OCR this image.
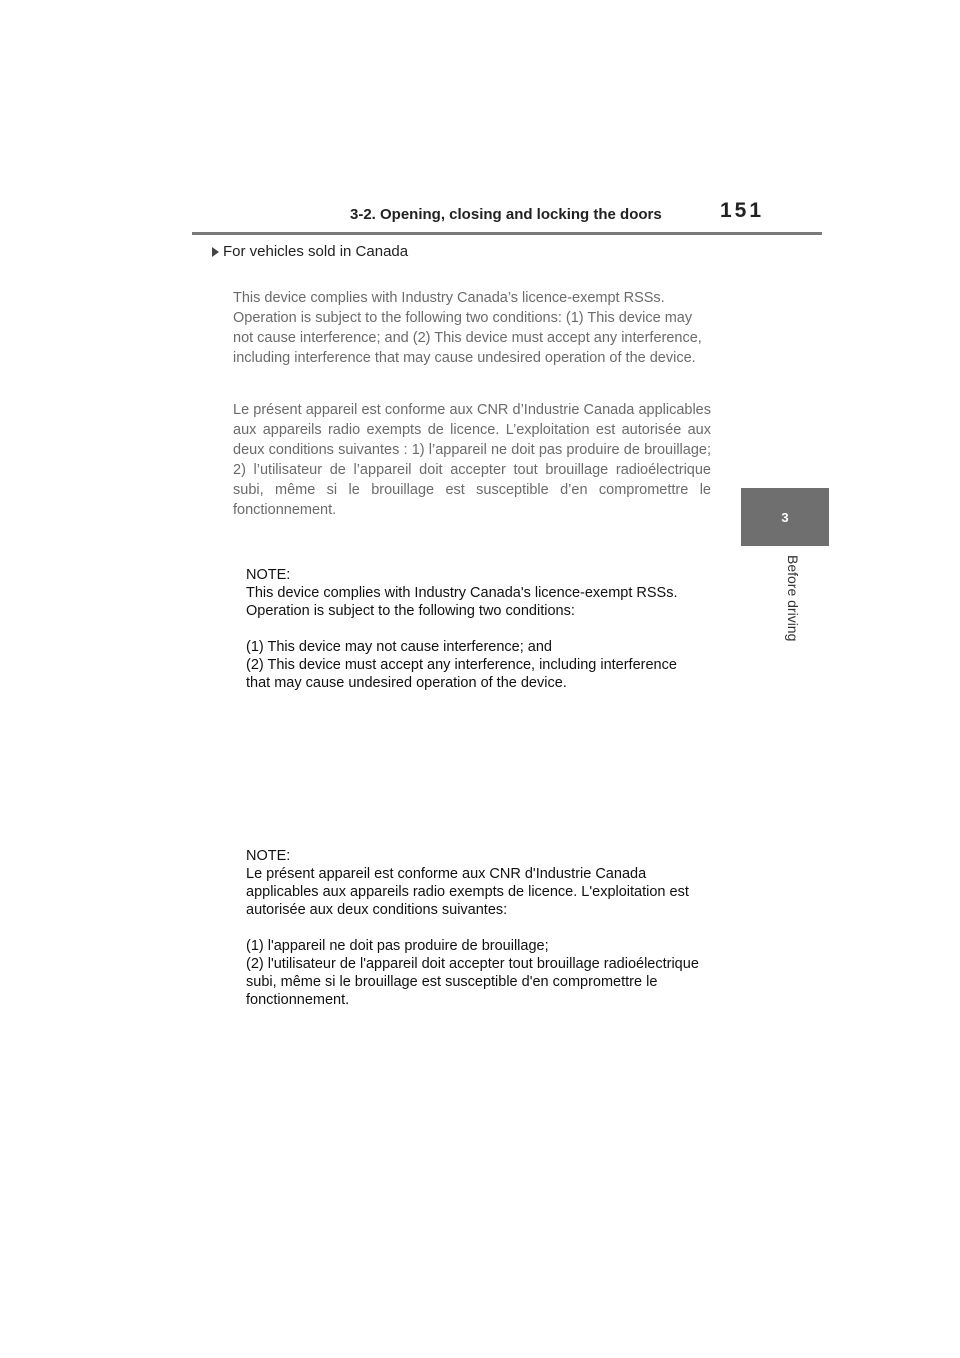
3-2. Opening, closing and locking the doors	151
3
Before driving
For vehicles sold in Canada
This device complies with Industry Canada’s licence-exempt RSSs. Operation is subject to the following two conditions: (1) This device may not cause interference; and (2) This device must accept any interference, including interference that may cause undesired operation of the device.
Le présent appareil est conforme aux CNR d’Industrie Canada applicables aux appareils radio exempts de licence. L’exploitation est autorisée aux deux conditions suivantes : 1) l’appareil ne doit pas produire de brouillage; 2) l’utilisateur de l’appareil doit accepter tout brouillage radioélectrique subi, même si le brouillage est susceptible d’en compromettre le fonctionnement.
NOTE:
This device complies with Industry Canada's licence-exempt RSSs.
Operation is subject to the following two conditions:
(1) This device may not cause interference; and
(2) This device must accept any interference, including interference
that may cause undesired operation of the device.
NOTE:
Le présent appareil est conforme aux CNR d'Industrie Canada
applicables aux appareils radio exempts de licence. L'exploitation est
autorisée aux deux conditions suivantes:
(1) l'appareil ne doit pas produire de brouillage;
(2) l'utilisateur de l'appareil doit accepter tout brouillage radioélectrique
subi, même si le brouillage est susceptible d'en compromettre le
fonctionnement.
